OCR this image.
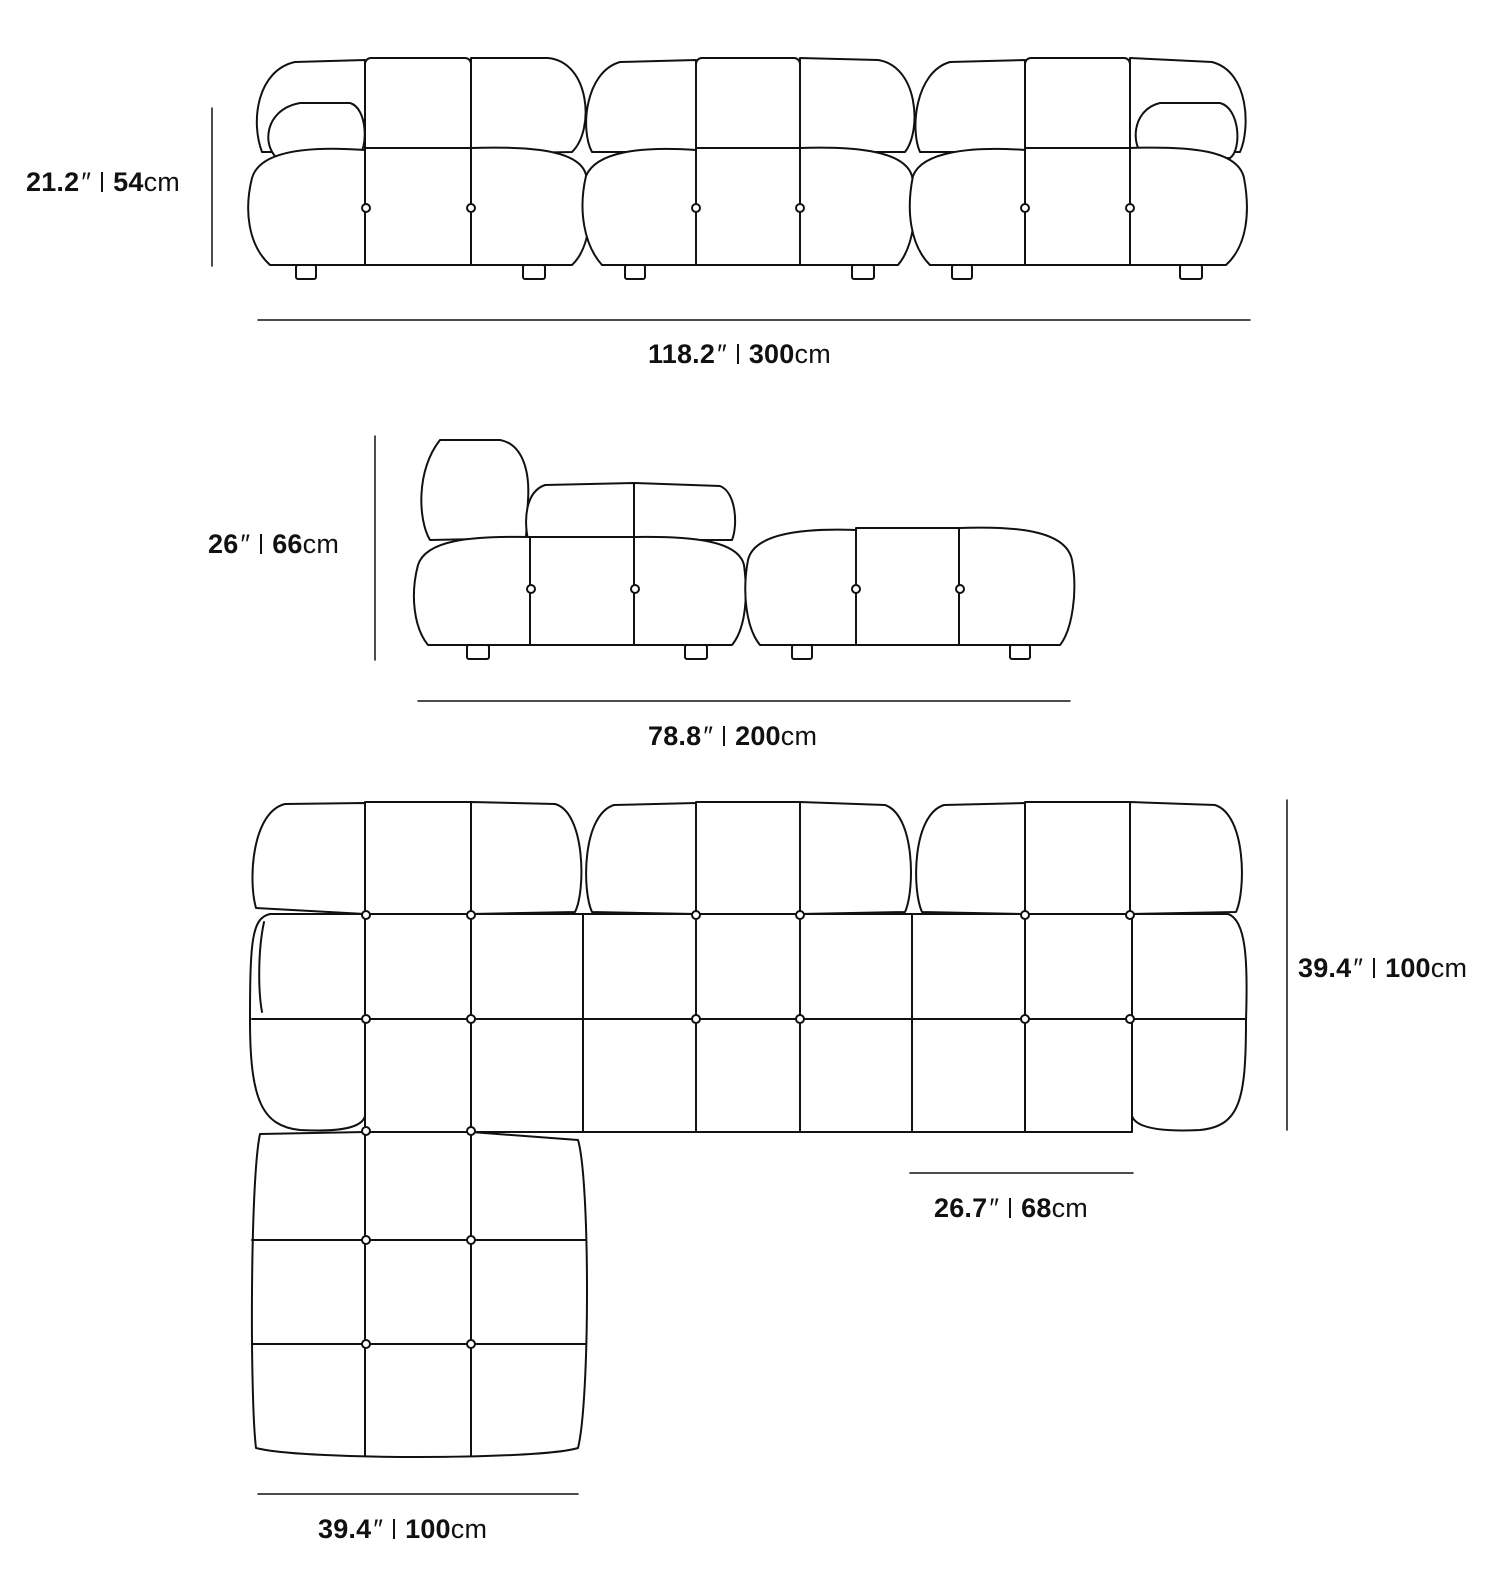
21.2″ 54cm
118.2″ 300cm
26″ 66cm
78.8″ 200cm
39.4″ 100cm
26.7″ 68cm
39.4″ 100cm
